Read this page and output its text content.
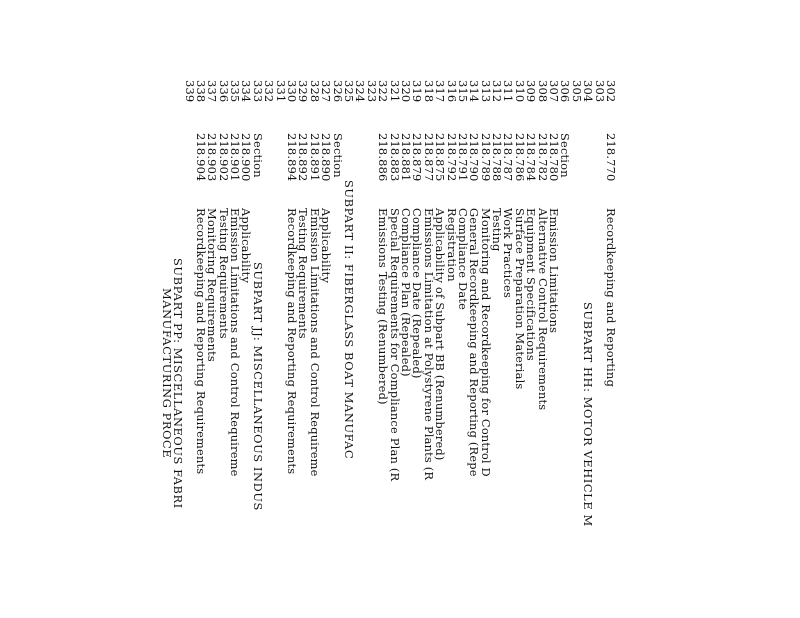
302
218.770
Recordkeeping and Reporting
303
304
SUBPART HH: MOTOR VEHICLE M
305
306
Section
307
218.780
Emission Limitations
308
218.782
Alternative Control Requirements
309
218.784
Equipment Specifications
310
218.786
Surface Preparation Materials
311
218.787
Work Practices
312
218.788
Testing
313
218.789
Monitoring and Recordkeeping for Control D
314
218.790
General Recordkeeping and Reporting (Repe
315
218.791
Compliance Date
316
218.792
Registration
317
218.875
Applicability of Subpart BB (Renumbered)
318
218.877
Emissions Limitation at Polystyrene Plants (R
319
218.879
Compliance Date (Repealed)
320
218.881
Compliance Plan (Repealed)
321
218.883
Special Requirements for Compliance Plan (R
322
218.886
Emissions Testing (Renumbered)
323
324
325
SUBPART II: FIBERGLASS BOAT MANUFAC
326
Section
327
218.890
Applicability
328
218.891
Emission Limitations and Control Requireme
329
218.892
Testing Requirements
330
218.894
Recordkeeping and Reporting Requirements
331
332
333
Section
SUBPART JJ: MISCELLANEOUS INDUS
334
218.900
Applicability
335
218.901
Emission Limitations and Control Requireme
336
218.902
Testing Requirements
337
218.903
Monitoring Requirements
338
218.904
Recordkeeping and Reporting Requirements
339
SUBPART PP: MISCELLANEOUS FABRI
MANUFACTURING PROCE
